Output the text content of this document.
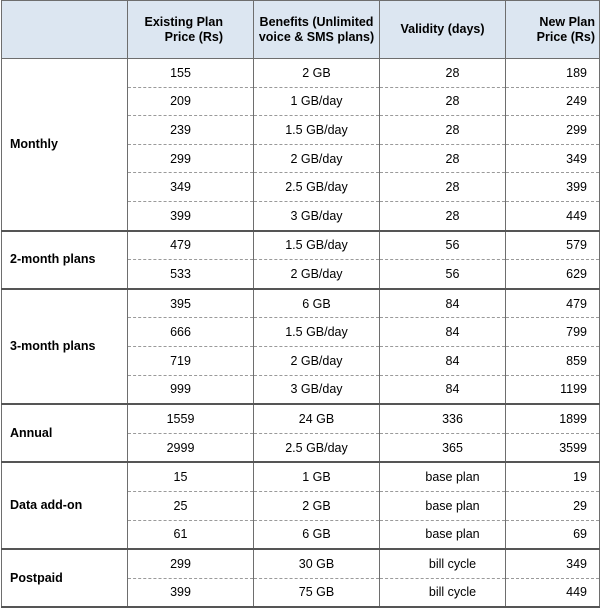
	Existing Plan Price (Rs)	Benefits (Unlimited voice & SMS plans)	Validity (days)	New Plan Price (Rs)
Monthly	155	2 GB	28	189
	209	1 GB/day	28	249
	239	1.5 GB/day	28	299
	299	2 GB/day	28	349
	349	2.5 GB/day	28	399
	399	3 GB/day	28	449
2-month plans	479	1.5 GB/day	56	579
	533	2 GB/day	56	629
3-month plans	395	6 GB	84	479
	666	1.5 GB/day	84	799
	719	2 GB/day	84	859
	999	3 GB/day	84	1199
Annual	1559	24 GB	336	1899
	2999	2.5 GB/day	365	3599
Data add-on	15	1 GB	base plan	19
	25	2 GB	base plan	29
	61	6 GB	base plan	69
Postpaid	299	30 GB	bill cycle	349
	399	75 GB	bill cycle	449
